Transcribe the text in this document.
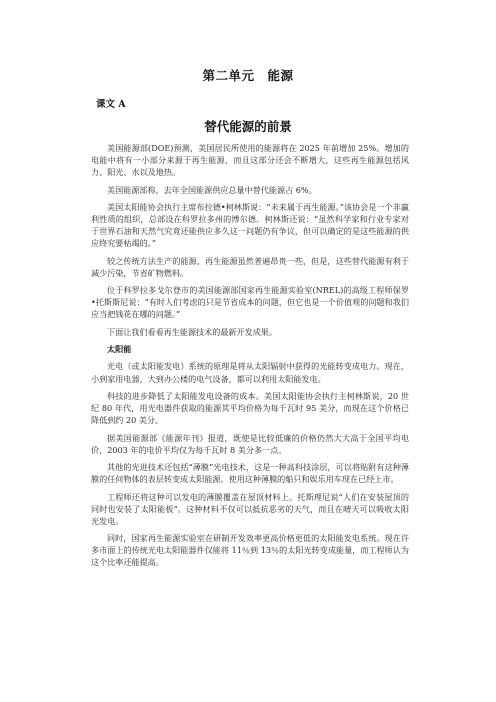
第二单元　能源
课文 A
替代能源的前景

美国能源部(DOE)预测，美国居民所使用的能源将在 2025 年前增加 25%。增加的电能中将有一小部分来源于再生能源，而且这部分还会不断增大，这些再生能源包括风力、阳光、水以及地热。

美国能源部称，去年全国能源供应总量中替代能源占 6%。

美国太阳能协会执行主席布拉德•柯林斯说：“未来属于再生能源。”该协会是一个非赢利性质的组织，总部设在科罗拉多州的博尔德。柯林斯还说：“虽然科学家和行业专家对于世界石油和天然气究竟还能供应多久这一问题仍有争议，但可以确定的是这些能源的供应终究要枯竭的。”

较之传统方法生产的能源，再生能源虽然普遍昂贵一些，但是，这些替代能源有利于减少污染，节省矿物燃料。

位于科罗拉多戈尔登市的美国能源部国家再生能源实验室(NREL)的高级工程师保罗•托斯斯尼说：“有时人们考虑的只是节省成本的问题，但它也是一个价值观的问题和我们应当把钱花在哪的问题。”

下面让我们看看再生能源技术的最新开发成果。

太阳能

光电（或太阳能发电）系统的原理是将从太阳辐射中获得的光能转变成电力。现在，小到家用电器，大到办公楼的电气设备，都可以利用太阳能发电。

科技的进步降低了太阳能发电设备的成本。美国太阳能协会执行主柯林斯说，20 世纪 80 年代，用光电器件获取的能源其平均价格为每千瓦时 95 美分，而现在这个价格已降低到约 20 美分。

据美国能源部《能源年刊》报道，既使是比较低廉的价格仍然大大高于全国平均电价，2003 年的电价平均仅为每千瓦时 8 美分多一点。

其他的光进技术还包括“薄膜”光电技术，这是一种高科技涂层，可以将贴附有这种薄膜的任何物体的表层转变成太阳能源。使用这种薄膜的船只和娱乐用车现在已经上市。

工程师还将这种可以发电的薄膜覆盖在屋顶材料上。托斯理尼说“人们在安装屋顶的同时也安装了太阳能板”。这种材料不仅可以抵抗恶劣的天气，而且在晴天可以吸收太阳光发电。

同时，国家再生能源实验室在研制开发效率更高价格更低的太阳能发电系统。现在许多市面上的传统光电太阳能器件仅能将 11％到 13％的太阳光转变成能量，而工程师认为这个比率还能提高。
